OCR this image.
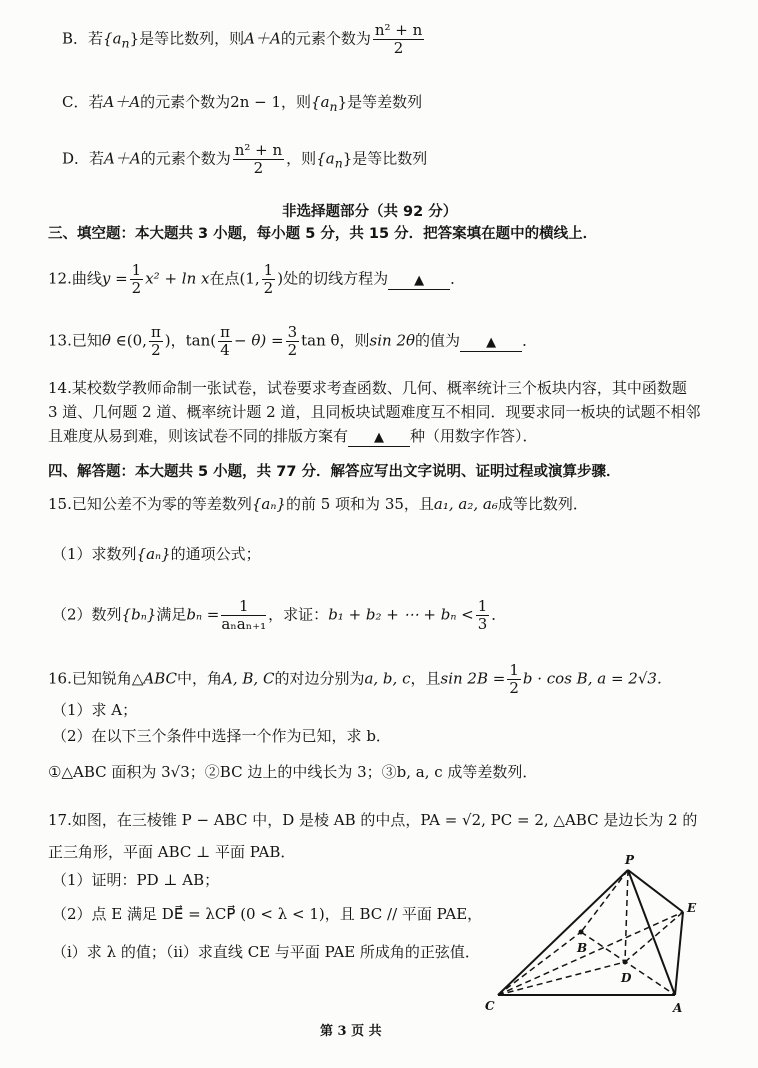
B．若$\{a_n\}$是等比数列，则A＋A的元素个数为 $\frac{\text{n² + n}}{2}$
C．若A＋A的元素个数为2n − 1，则$\{a_n\}$是等差数列
D．若A＋A的元素个数为 $\frac{\text{n² + n}}{2}$ ，则$\{a_n\}$是等比数列
非选择题部分（共 92 分）
三、填空题：本大题共 3 小题，每小题 5 分，共 15 分．把答案填在题中的横线上．
12.曲线$y = \frac{1}{2} x^2 + \ln x$在点(1, $\frac{1}{2}$ )处的切线方程为 ▲ ．
13.已知θ ∈(0, $\frac{\pi}{2}$ )，$\tan( \frac{\pi}{4} - \theta) = \frac{3}{2}$ tan θ，则sin 2θ的值为 ▲ ．
14.某校数学教师命制一张试卷，试卷要求考查函数、几何、概率统计三个板块内容，其中函数题
3 道、几何题 2 道、概率统计题 2 道，且同板块试题难度互不相同．现要求同一板块的试题不相邻
且难度从易到难，则该试卷不同的排版方案有 ▲ 种（用数字作答）．
四、解答题：本大题共 5 小题，共 77 分．解答应写出文字说明、证明过程或演算步骤．
15.已知公差不为零的等差数列{aₙ}的前 5 项和为 35，且a₁, a₂, a₆成等比数列．
（1）求数列{aₙ}的通项公式；
（2）数列{bₙ}满足$b_n = \frac{1}{\text{aₙaₙ₊₁}}$ ，求证：b₁ + b₂ + ⋯ + $b_n < \frac{1}{3}$ ．
16.已知锐角△ABC中，角A, B, C的对边分别为a, b, c，且$\sin 2B = \frac{1}{2}$ b · cos B, a = 2√3．
（1）求 A；
（2）在以下三个条件中选择一个作为已知，求 b．
①△ABC 面积为 3√3；②BC 边上的中线长为 3；③b, a, c 成等差数列．
17.如图，在三棱锥 P − ABC 中，D 是棱 AB 的中点，PA = √2, PC = 2, △ABC 是边长为 2 的
正三角形，平面 ABC ⊥ 平面 PAB．
（1）证明：PD ⊥ AB；
（2）点 E 满足 DE⃗ = λCP⃗ (0 < λ < 1)，且 BC // 平面 PAE，
（ⅰ）求 λ 的值；（ⅱ）求直线 CE 与平面 PAE 所成角的正弦值．
P
E
B
D
C	A
第 3 页 共
